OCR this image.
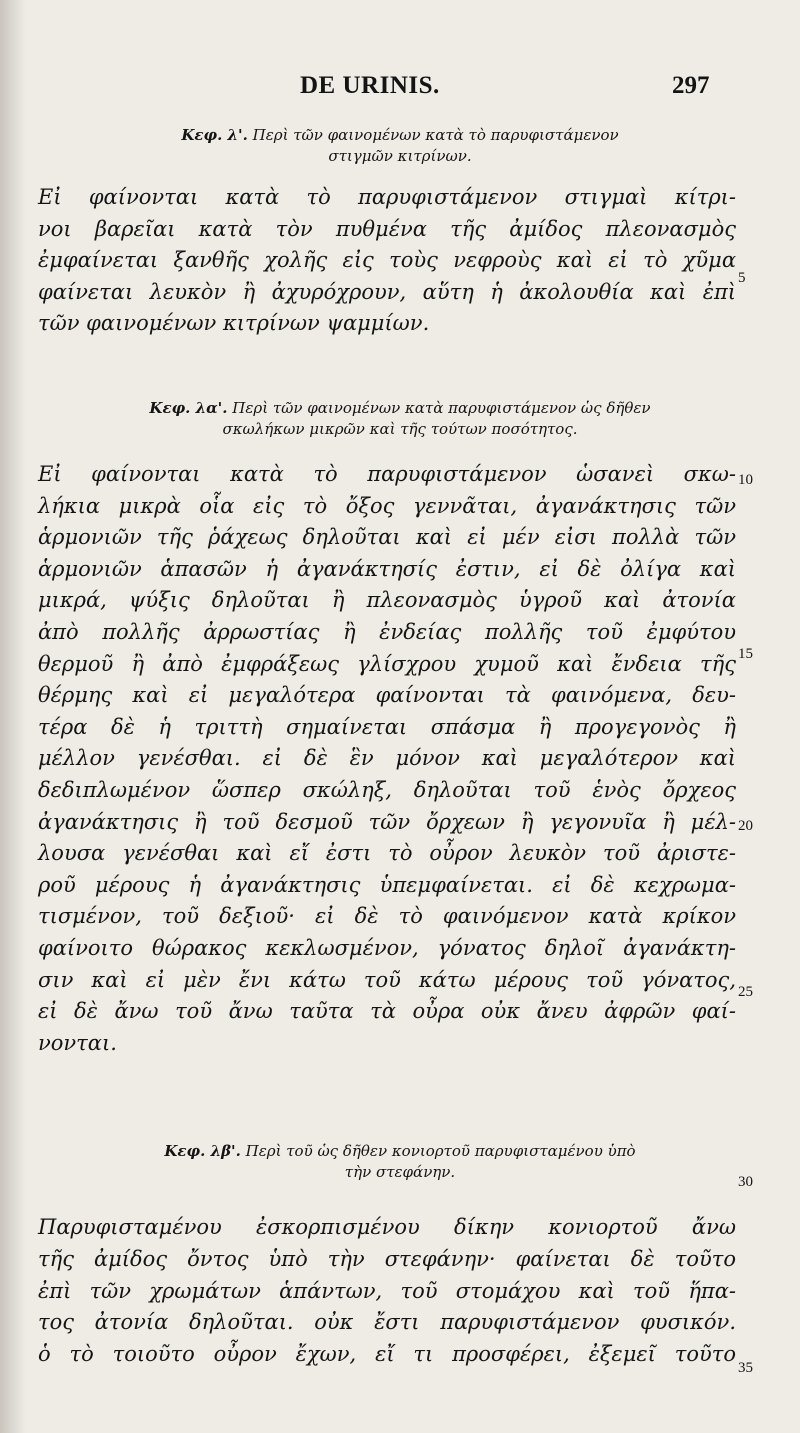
DE URINIS.	297
Κεφ. λ'. Περὶ τῶν φαινομένων κατὰ τὸ παρυφιστάμενον
στιγμῶν κιτρίνων.
Εἰ φαίνονται κατὰ τὸ παρυφιστάμενον στιγμαὶ κίτρι-
νοι βαρεῖαι κατὰ τὸν πυθμένα τῆς ἀμίδος πλεονασμὸς
ἐμφαίνεται ξανθῆς χολῆς εἰς τοὺς νεφροὺς καὶ εἰ τὸ χῦμα
φαίνεται λευκὸν ἢ ἀχυρόχρουν, αὕτη ἡ ἀκολουθία καὶ ἐπὶ
τῶν φαινομένων κιτρίνων ψαμμίων.
Κεφ. λα'. Περὶ τῶν φαινομένων κατὰ παρυφιστάμενον ὡς δῆθεν
σκωλήκων μικρῶν καὶ τῆς τούτων ποσότητος.
Εἰ φαίνονται κατὰ τὸ παρυφιστάμενον ὡσανεὶ σκω-
λήκια μικρὰ οἷα εἰς τὸ ὄξος γεννᾶται, ἀγανάκτησις τῶν
ἁρμονιῶν τῆς ῥάχεως δηλοῦται καὶ εἰ μέν εἰσι πολλὰ τῶν
ἁρμονιῶν ἁπασῶν ἡ ἀγανάκτησίς ἐστιν, εἰ δὲ ὀλίγα καὶ
μικρά, ψύξις δηλοῦται ἢ πλεονασμὸς ὑγροῦ καὶ ἀτονία
ἀπὸ πολλῆς ἀρρωστίας ἢ ἐνδείας πολλῆς τοῦ ἐμφύτου
θερμοῦ ἢ ἀπὸ ἐμφράξεως γλίσχρου χυμοῦ καὶ ἔνδεια τῆς
θέρμης καὶ εἰ μεγαλότερα φαίνονται τὰ φαινόμενα, δευ-
τέρα δὲ ἡ τριττὴ σημαίνεται σπάσμα ἢ προγεγονὸς ἢ
μέλλον γενέσθαι. εἰ δὲ ἓν μόνον καὶ μεγαλότερον καὶ
δεδιπλωμένον ὥσπερ σκώληξ, δηλοῦται τοῦ ἑνὸς ὄρχεος
ἀγανάκτησις ἢ τοῦ δεσμοῦ τῶν ὄρχεων ἢ γεγονυῖα ἢ μέλ-
λουσα γενέσθαι καὶ εἴ ἐστι τὸ οὖρον λευκὸν τοῦ ἀριστε-
ροῦ μέρους ἡ ἀγανάκτησις ὑπεμφαίνεται. εἰ δὲ κεχρωμα-
τισμένον, τοῦ δεξιοῦ· εἰ δὲ τὸ φαινόμενον κατὰ κρίκον
φαίνοιτο θώρακος κεκλωσμένον, γόνατος δηλοῖ ἀγανάκτη-
σιν καὶ εἰ μὲν ἔνι κάτω τοῦ κάτω μέρους τοῦ γόνατος,
εἰ δὲ ἄνω τοῦ ἄνω ταῦτα τὰ οὖρα οὐκ ἄνευ ἀφρῶν φαί-
νονται.
Κεφ. λβ'. Περὶ τοῦ ὡς δῆθεν κονιορτοῦ παρυφισταμένου ὑπὸ
τὴν στεφάνην.
Παρυφισταμένου ἐσκορπισμένου δίκην κονιορτοῦ ἄνω
τῆς ἀμίδος ὄντος ὑπὸ τὴν στεφάνην· φαίνεται δὲ τοῦτο
ἐπὶ τῶν χρωμάτων ἁπάντων, τοῦ στομάχου καὶ τοῦ ἥπα-
τος ἀτονία δηλοῦται. οὐκ ἔστι παρυφιστάμενον φυσικόν.
ὁ τὸ τοιοῦτο οὖρον ἔχων, εἴ τι προσφέρει, ἐξεμεῖ τοῦτο
5
10
15
20
25
30
35
